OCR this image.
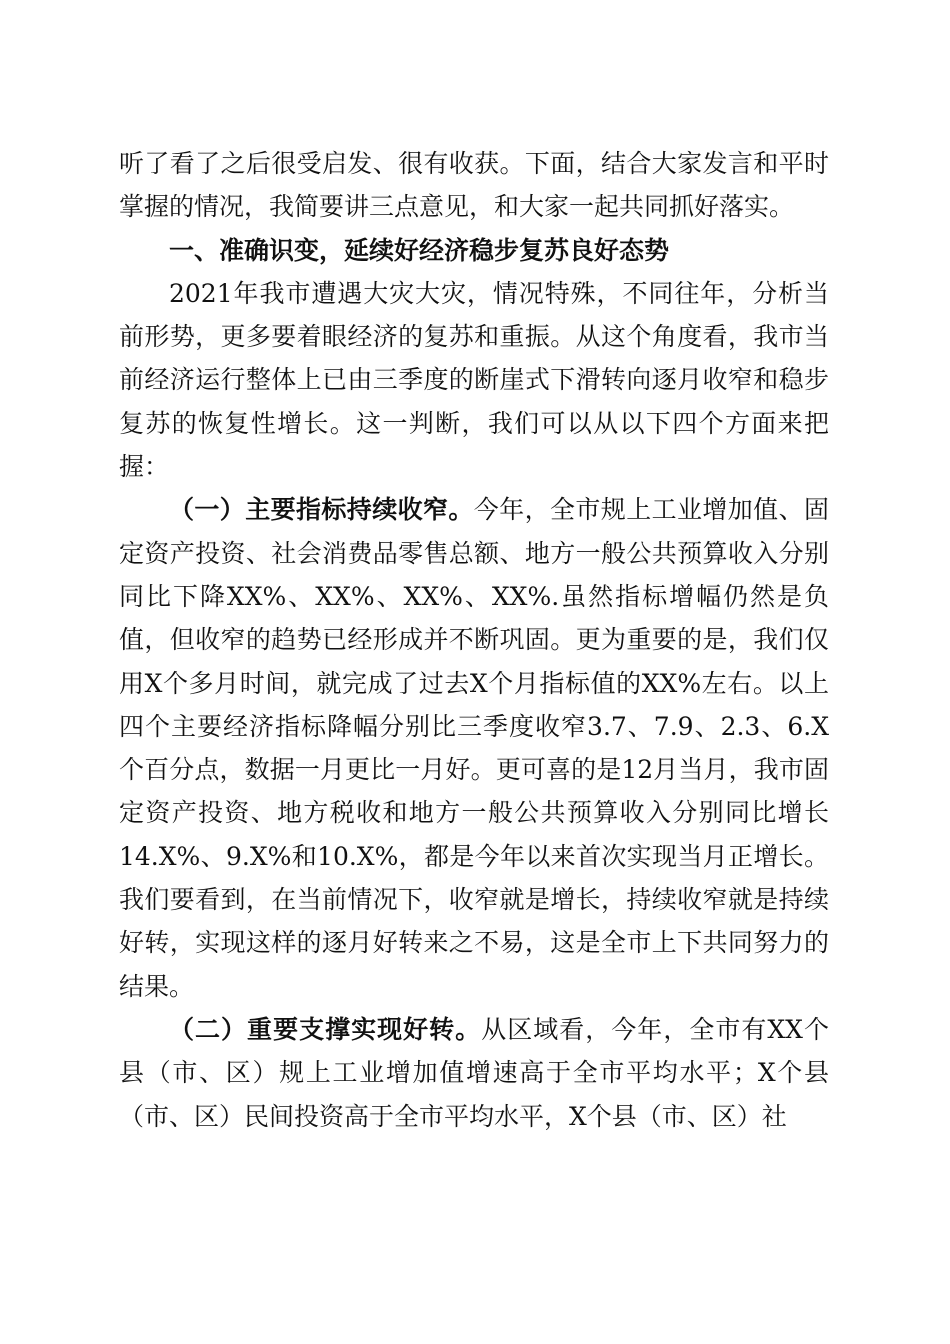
听了看了之后很受启发、很有收获。下面，结合大家发言和平时掌握的情况，我简要讲三点意见，和大家一起共同抓好落实。

一、准确识变，延续好经济稳步复苏良好态势

2021年我市遭遇大灾大灾，情况特殊，不同往年，分析当前形势，更多要着眼经济的复苏和重振。从这个角度看，我市当前经济运行整体上已由三季度的断崖式下滑转向逐月收窄和稳步复苏的恢复性增长。这一判断，我们可以从以下四个方面来把握：

（一）主要指标持续收窄。今年，全市规上工业增加值、固定资产投资、社会消费品零售总额、地方一般公共预算收入分别同比下降XX%、XX%、XX%、XX%.虽然指标增幅仍然是负值，但收窄的趋势已经形成并不断巩固。更为重要的是，我们仅用X个多月时间，就完成了过去X个月指标值的XX%左右。以上四个主要经济指标降幅分别比三季度收窄3.7、7.9、2.3、6.X个百分点，数据一月更比一月好。更可喜的是12月当月，我市固定资产投资、地方税收和地方一般公共预算收入分别同比增长14.X%、9.X%和10.X%，都是今年以来首次实现当月正增长。我们要看到，在当前情况下，收窄就是增长，持续收窄就是持续好转，实现这样的逐月好转来之不易，这是全市上下共同努力的结果。

（二）重要支撑实现好转。从区域看，今年，全市有XX个县（市、区）规上工业增加值增速高于全市平均水平；X个县（市、区）民间投资高于全市平均水平，X个县（市、区）社
